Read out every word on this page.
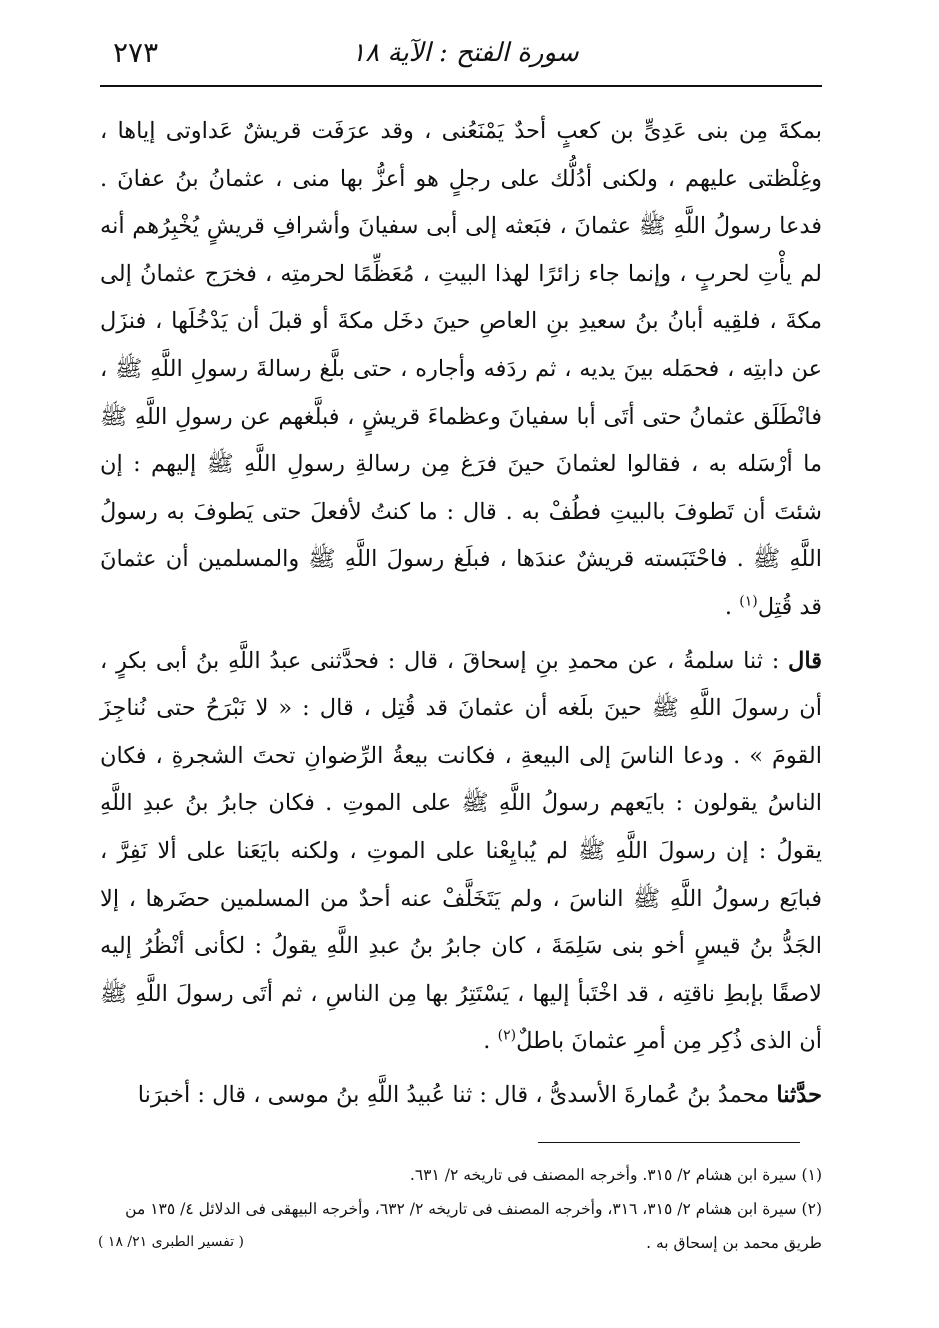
سورة الفتح : الآية ١٨
٢٧٣

بمكةَ مِن بنى عَدِىٍّ بن كعبٍ أحدٌ يَمْنَعُنى ، وقد عرَفَت قريشٌ عَداوتى إياها ، وغِلْظتى عليهم ، ولكنى أدُلُّك على رجلٍ هو أعزُّ بها منى ، عثمانُ بنُ عفانَ . فدعا رسولُ اللَّهِ ﷺ عثمانَ ، فبَعثه إلى أبى سفيانَ وأشرافِ قريشٍ يُخْبِرُهم أنه لم يأْتِ لحربٍ ، وإنما جاء زائرًا لهذا البيتِ ، مُعَظِّمًا لحرمتِه ، فخرَج عثمانُ إلى مكةَ ، فلقِيه أبانُ بنُ سعيدِ بنِ العاصِ حينَ دخَل مكةَ أو قبلَ أن يَدْخُلَها ، فنزَل عن دابتِه ، فحمَله بينَ يديه ، ثم ردَفه وأجاره ، حتى بلَّغ رسالةَ رسولِ اللَّهِ ﷺ ، فانْطَلَق عثمانُ حتى أتَى أبا سفيانَ وعظماءَ قريشٍ ، فبلَّغهم عن رسولِ اللَّهِ ﷺ ما أرْسَله به ، فقالوا لعثمانَ حينَ فرَغ مِن رسالةِ رسولِ اللَّهِ ﷺ إليهم : إن شئتَ أن تَطوفَ بالبيتِ فطُفْ به . قال : ما كنتُ لأفعلَ حتى يَطوفَ به رسولُ اللَّهِ ﷺ . فاحْتَبَسته قريشٌ عندَها ، فبلَغ رسولَ اللَّهِ ﷺ والمسلمين أن عثمانَ قد قُتِل$^{(١)}$ .

قال : ثنا سلمةُ ، عن محمدِ بنِ إسحاقَ ، قال : فحدَّثنى عبدُ اللَّهِ بنُ أبى بكرٍ ، أن رسولَ اللَّهِ ﷺ حينَ بلَغه أن عثمانَ قد قُتِل ، قال : « لا نَبْرَحُ حتى نُناجِزَ القومَ » . ودعا الناسَ إلى البيعةِ ، فكانت بيعةُ الرِّضوانِ تحتَ الشجرةِ ، فكان الناسُ يقولون : بايَعهم رسولُ اللَّهِ ﷺ على الموتِ . فكان جابرُ بنُ عبدِ اللَّهِ يقولُ : إن رسولَ اللَّهِ ﷺ لم يُبايِعْنا على الموتِ ، ولكنه بايَعَنا على ألا نَفِرَّ ، فبايَع رسولُ اللَّهِ ﷺ الناسَ ، ولم يَتَخَلَّفْ عنه أحدٌ من المسلمين حضَرها ، إلا الجَدُّ بنُ قيسٍ أخو بنى سَلِمَةَ ، كان جابرُ بنُ عبدِ اللَّهِ يقولُ : لكأنى أنْظُرُ إليه لاصقًا بإبطِ ناقتِه ، قد اخْتَبأ إليها ، يَسْتَتِرُ بها مِن الناسِ ، ثم أتَى رسولَ اللَّهِ ﷺ أن الذى ذُكِر مِن أمرِ عثمانَ باطلٌ$^{(٢)}$ .

حدَّثنا محمدُ بنُ عُمارةَ الأسدىُّ ، قال : ثنا عُبيدُ اللَّهِ بنُ موسى ، قال : أخبرَنا

(١) سيرة ابن هشام ٢/ ٣١٥. وأخرجه المصنف فى تاريخه ٢/ ٦٣١.

(٢) سيرة ابن هشام ٢/ ٣١٥، ٣١٦، وأخرجه المصنف فى تاريخه ٢/ ٦٣٢، وأخرجه البيهقى فى الدلائل ٤/ ١٣٥ من طريق محمد بن إسحاق به .

( تفسير الطبرى ٢١/ ١٨ )
